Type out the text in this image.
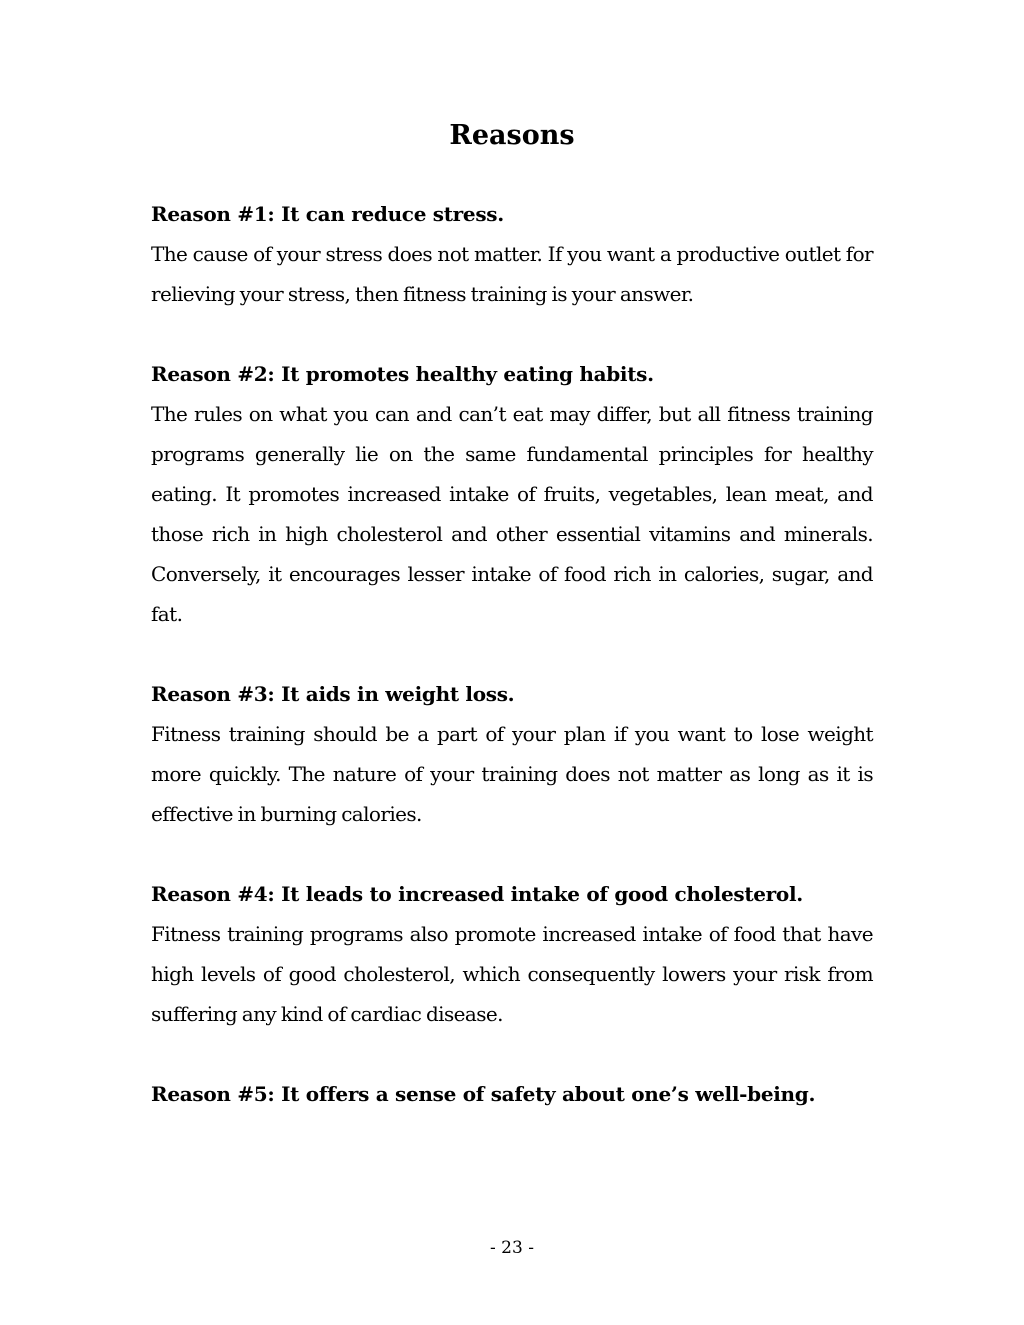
Reasons

Reason #1: It can reduce stress.

The cause of your stress does not matter. If you want a productive outlet for relieving your stress, then fitness training is your answer.

Reason #2: It promotes healthy eating habits.

The rules on what you can and can’t eat may differ, but all fitness training programs generally lie on the same fundamental principles for healthy eating. It promotes increased intake of fruits, vegetables, lean meat, and those rich in high cholesterol and other essential vitamins and minerals. Conversely, it encourages lesser intake of food rich in calories, sugar, and fat.

Reason #3: It aids in weight loss.

Fitness training should be a part of your plan if you want to lose weight more quickly. The nature of your training does not matter as long as it is effective in burning calories.

Reason #4: It leads to increased intake of good cholesterol.

Fitness training programs also promote increased intake of food that have high levels of good cholesterol, which consequently lowers your risk from suffering any kind of cardiac disease.

Reason #5: It offers a sense of safety about one’s well-being.

- 23 -
